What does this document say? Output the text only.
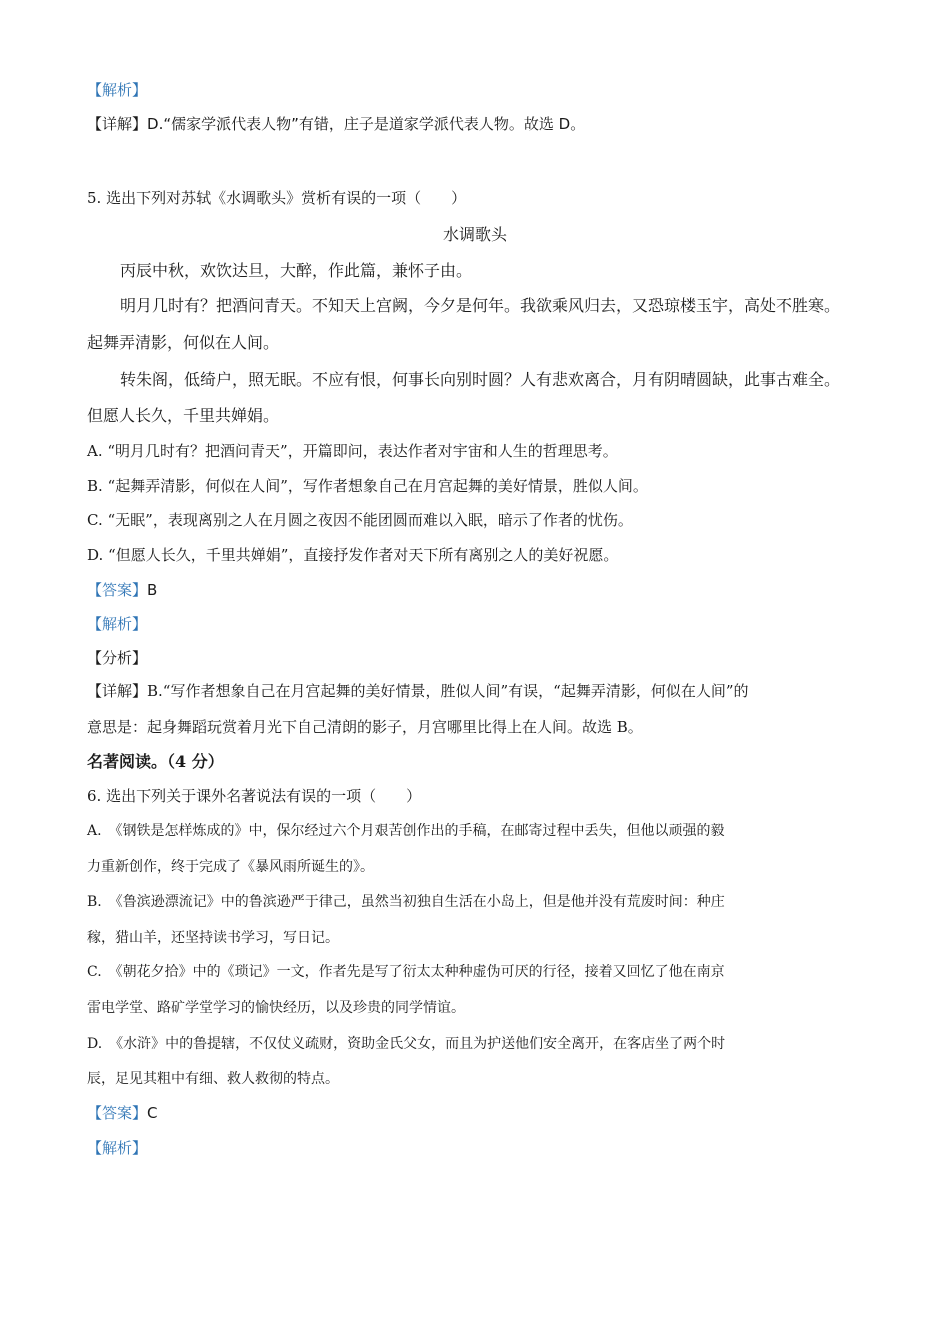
【解析】
【详解】D.“儒家学派代表人物”有错，庄子是道家学派代表人物。故选 D。
5. 选出下列对苏轼《水调歌头》赏析有误的一项（　　）
水调歌头
丙辰中秋，欢饮达旦，大醉，作此篇，兼怀子由。
明月几时有？把酒问青天。不知天上宫阙，今夕是何年。我欲乘风归去，又恐琼楼玉宇，高处不胜寒。
起舞弄清影，何似在人间。
转朱阁，低绮户，照无眠。不应有恨，何事长向别时圆？人有悲欢离合，月有阴晴圆缺，此事古难全。
但愿人长久，千里共婵娟。
A. “明月几时有？把酒问青天”，开篇即问，表达作者对宇宙和人生的哲理思考。
B. “起舞弄清影，何似在人间”，写作者想象自己在月宫起舞的美好情景，胜似人间。
C. “无眠”，表现离别之人在月圆之夜因不能团圆而难以入眠，暗示了作者的忧伤。
D. “但愿人长久，千里共婵娟”，直接抒发作者对天下所有离别之人的美好祝愿。
【答案】B
【解析】
【分析】
【详解】B.“写作者想象自己在月宫起舞的美好情景，胜似人间”有误，“起舞弄清影，何似在人间”的
意思是：起身舞蹈玩赏着月光下自己清朗的影子，月宫哪里比得上在人间。故选 B。
名著阅读。（4 分）
6. 选出下列关于课外名著说法有误的一项（　　）
A.　《钢铁是怎样炼成的》中，保尔经过六个月艰苦创作出的手稿，在邮寄过程中丢失，但他以顽强的毅
力重新创作，终于完成了《暴风雨所诞生的》。
B.　《鲁滨逊漂流记》中的鲁滨逊严于律己，虽然当初独自生活在小岛上，但是他并没有荒废时间：种庄
稼，猎山羊，还坚持读书学习，写日记。
C.　《朝花夕拾》中的《琐记》一文，作者先是写了衍太太种种虚伪可厌的行径，接着又回忆了他在南京
雷电学堂、路矿学堂学习的愉快经历，以及珍贵的同学情谊。
D.　《水浒》中的鲁提辖，不仅仗义疏财，资助金氏父女，而且为护送他们安全离开，在客店坐了两个时
辰，足见其粗中有细、救人救彻的特点。
【答案】C
【解析】
